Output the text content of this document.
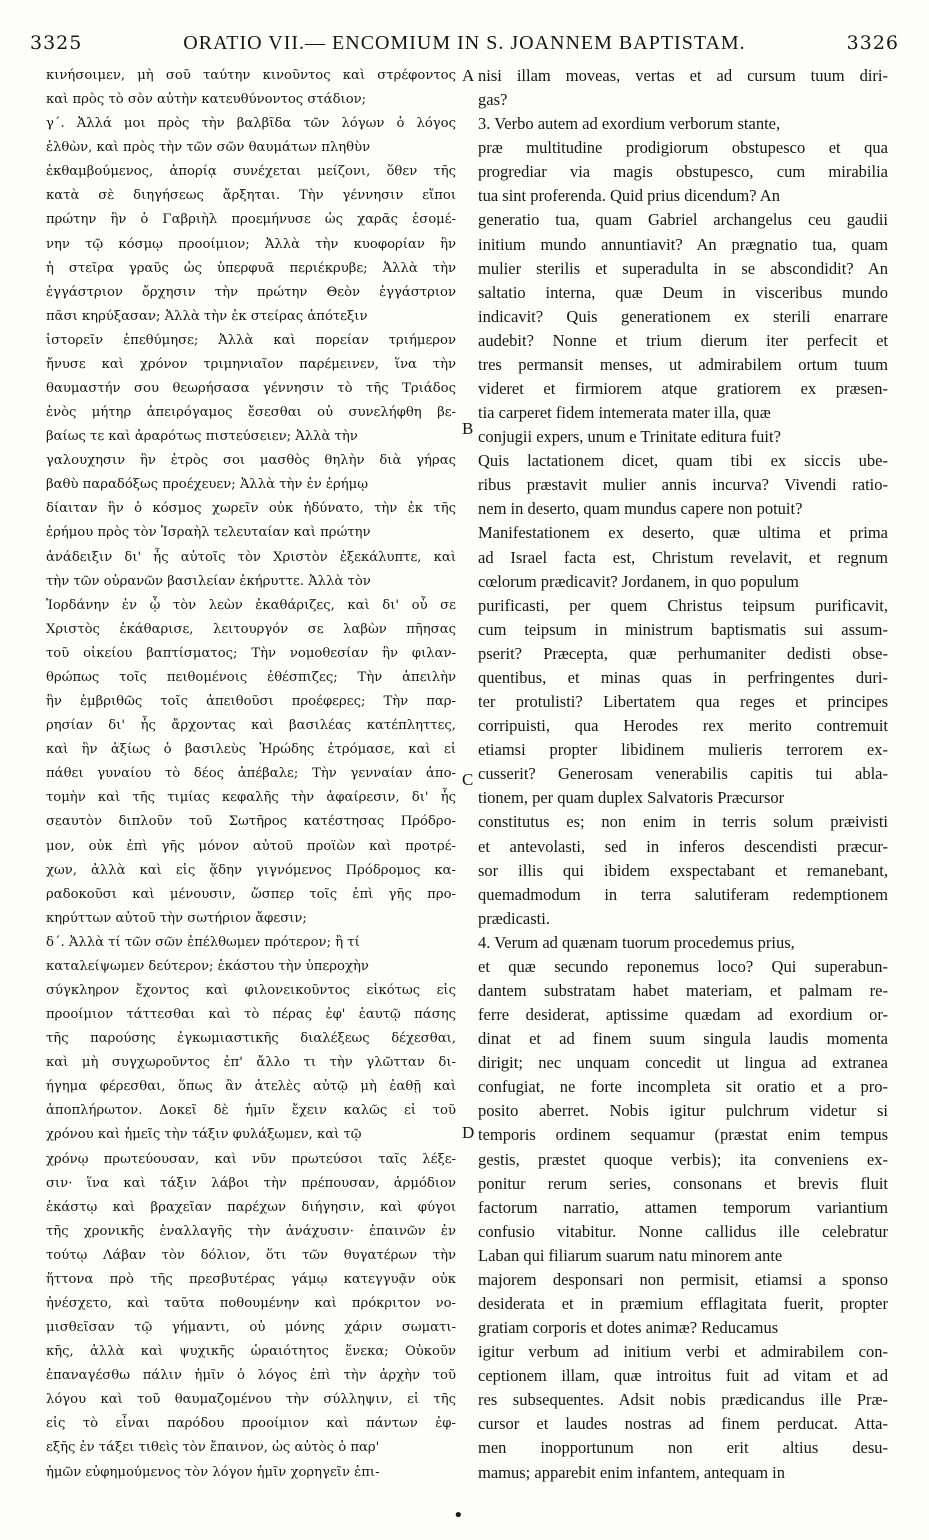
3325	ORATIO VII.— ENCOMIUM IN S. JOANNEM BAPTISTAM.	3326
κινήσοιμεν, μὴ σοῦ ταύτην κινοῦντος καὶ στρέφοντος
καὶ πρὸς τὸ σὸν αὐτὴν κατευθύνοντος στάδιον;
γ΄. Ἀλλά μοι πρὸς τὴν βαλβῖδα τῶν λόγων ὁ λόγος
ἐλθὼν, καὶ πρὸς τὴν τῶν σῶν θαυμάτων πληθὺν
ἐκθαμβούμενος, ἀπορίᾳ συνέχεται μείζονι, ὅθεν τῆς
κατὰ σὲ διηγήσεως ἄρξηται. Τὴν γέννησιν εἴποι
πρώτην ἣν ὁ Γαβριὴλ προεμήνυσε ὡς χαρᾶς ἐσομέ-
νην τῷ κόσμῳ προοίμιον; Ἀλλὰ τὴν κυοφορίαν ἣν
ἡ στεῖρα γραῦς ὡς ὑπερφυᾶ περιέκρυβε; Ἀλλὰ τὴν
ἐγγάστριον ὄρχησιν τὴν πρώτην Θεὸν ἐγγάστριον
πᾶσι κηρύξασαν; Ἀλλὰ τὴν ἐκ στείρας ἀπότεξιν
ἱστορεῖν ἐπεθύμησε; Ἀλλὰ καὶ πορείαν τριήμερον
ἤνυσε καὶ χρόνον τριμηνιαῖον παρέμεινεν, ἵνα τὴν
θαυμαστήν σου θεωρήσασα γέννησιν τὸ τῆς Τριάδος
ἑνὸς μήτηρ ἀπειρόγαμος ἔσεσθαι οὐ συνελήφθη βε-
βαίως τε καὶ ἀραρότως πιστεύσειεν; Ἀλλὰ τὴν
γαλουχησιν ἣν ἐτρὸς σοι μασθὸς θηλὴν διὰ γήρας
βαθὺ παραδόξως προέχευεν; Ἀλλὰ τὴν ἐν ἐρήμῳ
δίαιταν ἣν ὁ κόσμος χωρεῖν οὐκ ἠδύνατο, τὴν ἐκ τῆς
ἐρήμου πρὸς τὸν Ἰσραὴλ τελευταίαν καὶ πρώτην
ἀνάδειξιν δι' ἧς αὐτοῖς τὸν Χριστὸν ἐξεκάλυπτε, καὶ
τὴν τῶν οὐρανῶν βασιλείαν ἐκήρυττε. Ἀλλὰ τὸν
Ἰορδάνην ἐν ᾧ τὸν λεὼν ἐκαθάριζες, καὶ δι' οὗ σε
Χριστὸς ἐκάθαρισε, λειτουργόν σε λαβὼν πῆησας
τοῦ οἰκείου βαπτίσματος; Τὴν νομοθεσίαν ἣν φιλαν-
θρώπως τοῖς πειθομένοις ἐθέσπιζες; Τὴν ἀπειλὴν
ἣν ἐμβριθῶς τοῖς ἀπειθοῦσι προέφερες; Τὴν παρ-
ρησίαν δι' ἧς ἄρχοντας καὶ βασιλέας κατέπληττες,
καὶ ἣν ἀξίως ὁ βασιλεὺς Ἡρώδης ἐτρόμασε, καὶ εἰ
πάθει γυναίου τὸ δέος ἀπέβαλε; Τὴν γενναίαν ἀπο-
τομὴν καὶ τῆς τιμίας κεφαλῆς τὴν ἀφαίρεσιν, δι' ἧς
σεαυτὸν διπλοῦν τοῦ Σωτῆρος κατέστησας Πρόδρο-
μον, οὐκ ἐπὶ γῆς μόνον αὐτοῦ προϊὼν καὶ προτρέ-
χων, ἀλλὰ καὶ εἰς ᾅδην γιγνόμενος Πρόδρομος κα-
ραδοκοῦσι καὶ μένουσιν, ὥσπερ τοῖς ἐπὶ γῆς προ-
κηρύττων αὐτοῦ τὴν σωτήριον ἄφεσιν;
δ΄. Ἀλλὰ τί τῶν σῶν ἐπέλθωμεν πρότερον; ἢ τί
καταλείψωμεν δεύτερον; ἑκάστου τὴν ὑπεροχὴν
σύγκληρον ἔχοντος καὶ φιλονεικοῦντος εἰκότως εἰς
προοίμιον τάττεσθαι καὶ τὸ πέρας ἐφ' ἑαυτῷ πάσης
τῆς παρούσης ἐγκωμιαστικῆς διαλέξεως δέχεσθαι,
καὶ μὴ συγχωροῦντος ἐπ' ἄλλο τι τὴν γλῶτταν δι-
ήγημα φέρεσθαι, ὅπως ἂν ἀτελὲς αὐτῷ μὴ ἐαθῇ καὶ
ἀποπλήρωτον. Δοκεῖ δὲ ἡμῖν ἔχειν καλῶς εἰ τοῦ
χρόνου καὶ ἡμεῖς τὴν τάξιν φυλάξωμεν, καὶ τῷ
χρόνῳ πρωτεύουσαν, καὶ νῦν πρωτεύσοι ταῖς λέξε-
σιν· ἵνα καὶ τάξιν λάβοι τὴν πρέπουσαν, ἁρμόδιον
ἑκάστῳ καὶ βραχεῖαν παρέχων διήγησιν, καὶ φύγοι
τῆς χρονικῆς ἐναλλαγῆς τὴν ἀνάχυσιν· ἐπαινῶν ἐν
τούτῳ Λάβαν τὸν δόλιον, ὅτι τῶν θυγατέρων τὴν
ἥττονα πρὸ τῆς πρεσβυτέρας γάμῳ κατεγγυᾷν οὐκ
ἠνέσχετο, καὶ ταῦτα ποθουμένην καὶ πρόκριτον νο-
μισθεῖσαν τῷ γήμαντι, οὐ μόνης χάριν σωματι-
κῆς, ἀλλὰ καὶ ψυχικῆς ὡραιότητος ἕνεκα; Οὐκοῦν
ἐπαναγέσθω πάλιν ἡμῖν ὁ λόγος ἐπὶ τὴν ἀρχὴν τοῦ
λόγου καὶ τοῦ θαυμαζομένου τὴν σύλληψιν, εἰ τῆς
εἰς τὸ εἶναι παρόδου προοίμιον καὶ πάντων ἐφ-
εξῆς ἐν τάξει τιθεὶς τὸν ἔπαινον, ὡς αὐτὸς ὁ παρ'
ἡμῶν εὐφημούμενος τὸν λόγον ἡμῖν χορηγεῖν ἐπι-
nisi illam moveas, vertas et ad cursum tuum diri-
gas?
3. Verbo autem ad exordium verborum stante,
præ multitudine prodigiorum obstupesco et qua
progrediar via magis obstupesco, cum mirabilia
tua sint proferenda. Quid prius dicendum? An
generatio tua, quam Gabriel archangelus ceu gaudii
initium mundo annuntiavit? An prægnatio tua, quam
mulier sterilis et superadulta in se abscondidit? An
saltatio interna, quæ Deum in visceribus mundo
indicavit? Quis generationem ex sterili enarrare
audebit? Nonne et trium dierum iter perfecit et
tres permansit menses, ut admirabilem ortum tuum
videret et firmiorem atque gratiorem ex præsen-
tia carperet fidem intemerata mater illa, quæ
conjugii expers, unum e Trinitate editura fuit?
Quis lactationem dicet, quam tibi ex siccis ube-
ribus præstavit mulier annis incurva? Vivendi ratio-
nem in deserto, quam mundus capere non potuit?
Manifestationem ex deserto, quæ ultima et prima
ad Israel facta est, Christum revelavit, et regnum
cœlorum prædicavit? Jordanem, in quo populum
purificasti, per quem Christus teipsum purificavit,
cum teipsum in ministrum baptismatis sui assum-
pserit? Præcepta, quæ perhumaniter dedisti obse-
quentibus, et minas quas in perfringentes duri-
ter protulisti? Libertatem qua reges et principes
corripuisti, qua Herodes rex merito contremuit
etiamsi propter libidinem mulieris terrorem ex-
cusserit? Generosam venerabilis capitis tui abla-
tionem, per quam duplex Salvatoris Præcursor
constitutus es; non enim in terris solum præivisti
et antevolasti, sed in inferos descendisti præcur-
sor illis qui ibidem exspectabant et remanebant,
quemadmodum in terra salutiferam redemptionem
prædicasti.
4. Verum ad quænam tuorum procedemus prius,
et quæ secundo reponemus loco? Qui superabun-
dantem substratam habet materiam, et palmam re-
ferre desiderat, aptissime quædam ad exordium or-
dinat et ad finem suum singula laudis momenta
dirigit; nec unquam concedit ut lingua ad extranea
confugiat, ne forte incompleta sit oratio et a pro-
posito aberret. Nobis igitur pulchrum videtur si
temporis ordinem sequamur (præstat enim tempus
gestis, præstet quoque verbis); ita conveniens ex-
ponitur rerum series, consonans et brevis fluit
factorum narratio, attamen temporum variantium
confusio vitabitur. Nonne callidus ille celebratur
Laban qui filiarum suarum natu minorem ante
majorem desponsari non permisit, etiamsi a sponso
desiderata et in præmium efflagitata fuerit, propter
gratiam corporis et dotes animæ? Reducamus
igitur verbum ad initium verbi et admirabilem con-
ceptionem illam, quæ introitus fuit ad vitam et ad
res subsequentes. Adsit nobis prædicandus ille Præ-
cursor et laudes nostras ad finem perducat. Atta-
men inopportunum non erit altius desu-
mamus; apparebit enim infantem, antequam in
A
B
C
D
•
